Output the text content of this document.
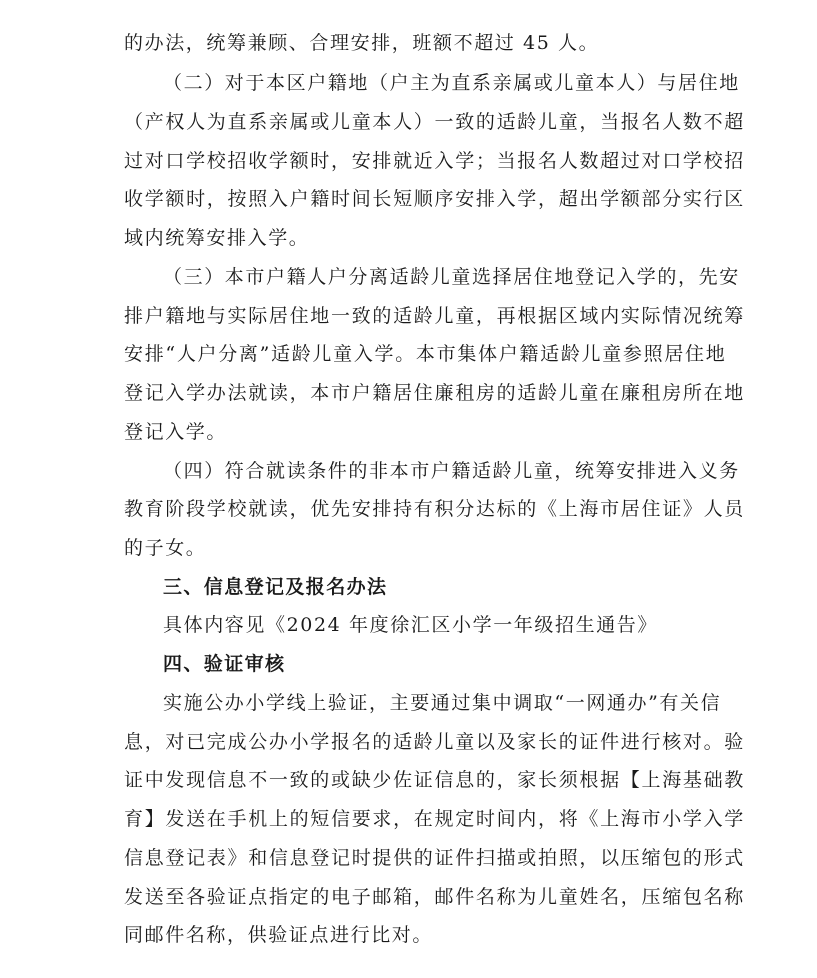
的办法，统筹兼顾、合理安排，班额不超过 45 人。
（二）对于本区户籍地（户主为直系亲属或儿童本人）与居住地
（产权人为直系亲属或儿童本人）一致的适龄儿童，当报名人数不超
过对口学校招收学额时，安排就近入学；当报名人数超过对口学校招
收学额时，按照入户籍时间长短顺序安排入学，超出学额部分实行区
域内统筹安排入学。
（三）本市户籍人户分离适龄儿童选择居住地登记入学的，先安
排户籍地与实际居住地一致的适龄儿童，再根据区域内实际情况统筹
安排“人户分离”适龄儿童入学。本市集体户籍适龄儿童参照居住地
登记入学办法就读，本市户籍居住廉租房的适龄儿童在廉租房所在地
登记入学。
（四）符合就读条件的非本市户籍适龄儿童，统筹安排进入义务
教育阶段学校就读，优先安排持有积分达标的《上海市居住证》人员
的子女。
三、信息登记及报名办法
具体内容见《2024 年度徐汇区小学一年级招生通告》
四、验证审核
实施公办小学线上验证，主要通过集中调取“一网通办”有关信
息，对已完成公办小学报名的适龄儿童以及家长的证件进行核对。验
证中发现信息不一致的或缺少佐证信息的，家长须根据【上海基础教
育】发送在手机上的短信要求，在规定时间内，将《上海市小学入学
信息登记表》和信息登记时提供的证件扫描或拍照，以压缩包的形式
发送至各验证点指定的电子邮箱，邮件名称为儿童姓名，压缩包名称
同邮件名称，供验证点进行比对。
